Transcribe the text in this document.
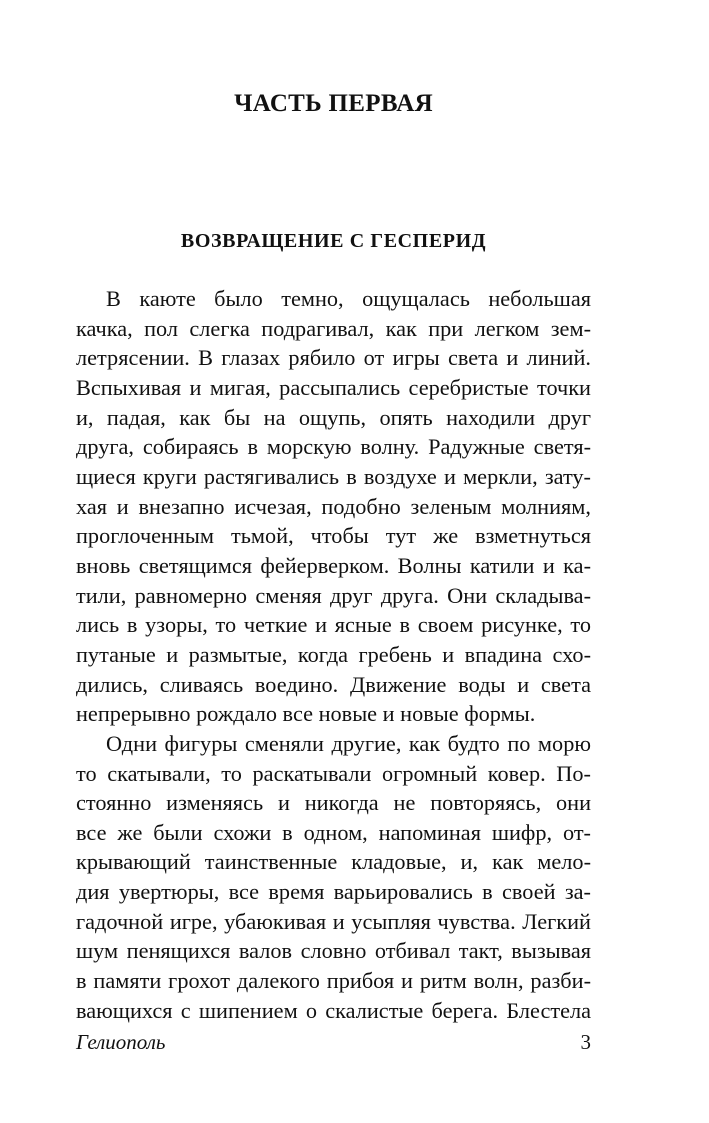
ЧАСТЬ ПЕРВАЯ
ВОЗВРАЩЕНИЕ С ГЕСПЕРИД
В каюте было темно, ощущалась небольшая
качка, пол слегка подрагивал, как при легком зем-
летрясении. В глазах рябило от игры света и линий.
Вспыхивая и мигая, рассыпались серебристые точки
и, падая, как бы на ощупь, опять находили друг
друга, собираясь в морскую волну. Радужные светя-
щиеся круги растягивались в воздухе и меркли, зату-
хая и внезапно исчезая, подобно зеленым молниям,
проглоченным тьмой, чтобы тут же взметнуться
вновь светящимся фейерверком. Волны катили и ка-
тили, равномерно сменяя друг друга. Они складыва-
лись в узоры, то четкие и ясные в своем рисунке, то
путаные и размытые, когда гребень и впадина схо-
дились, сливаясь воедино. Движение воды и света
непрерывно рождало все новые и новые формы.
Одни фигуры сменяли другие, как будто по морю
то скатывали, то раскатывали огромный ковер. По-
стоянно изменяясь и никогда не повторяясь, они
все же были схожи в одном, напоминая шифр, от-
крывающий таинственные кладовые, и, как мело-
дия увертюры, все время варьировались в своей за-
гадочной игре, убаюкивая и усыпляя чувства. Легкий
шум пенящихся валов словно отбивал такт, вызывая
в памяти грохот далекого прибоя и ритм волн, разби-
вающихся с шипением о скалистые берега. Блестела
Гелиополь	3
